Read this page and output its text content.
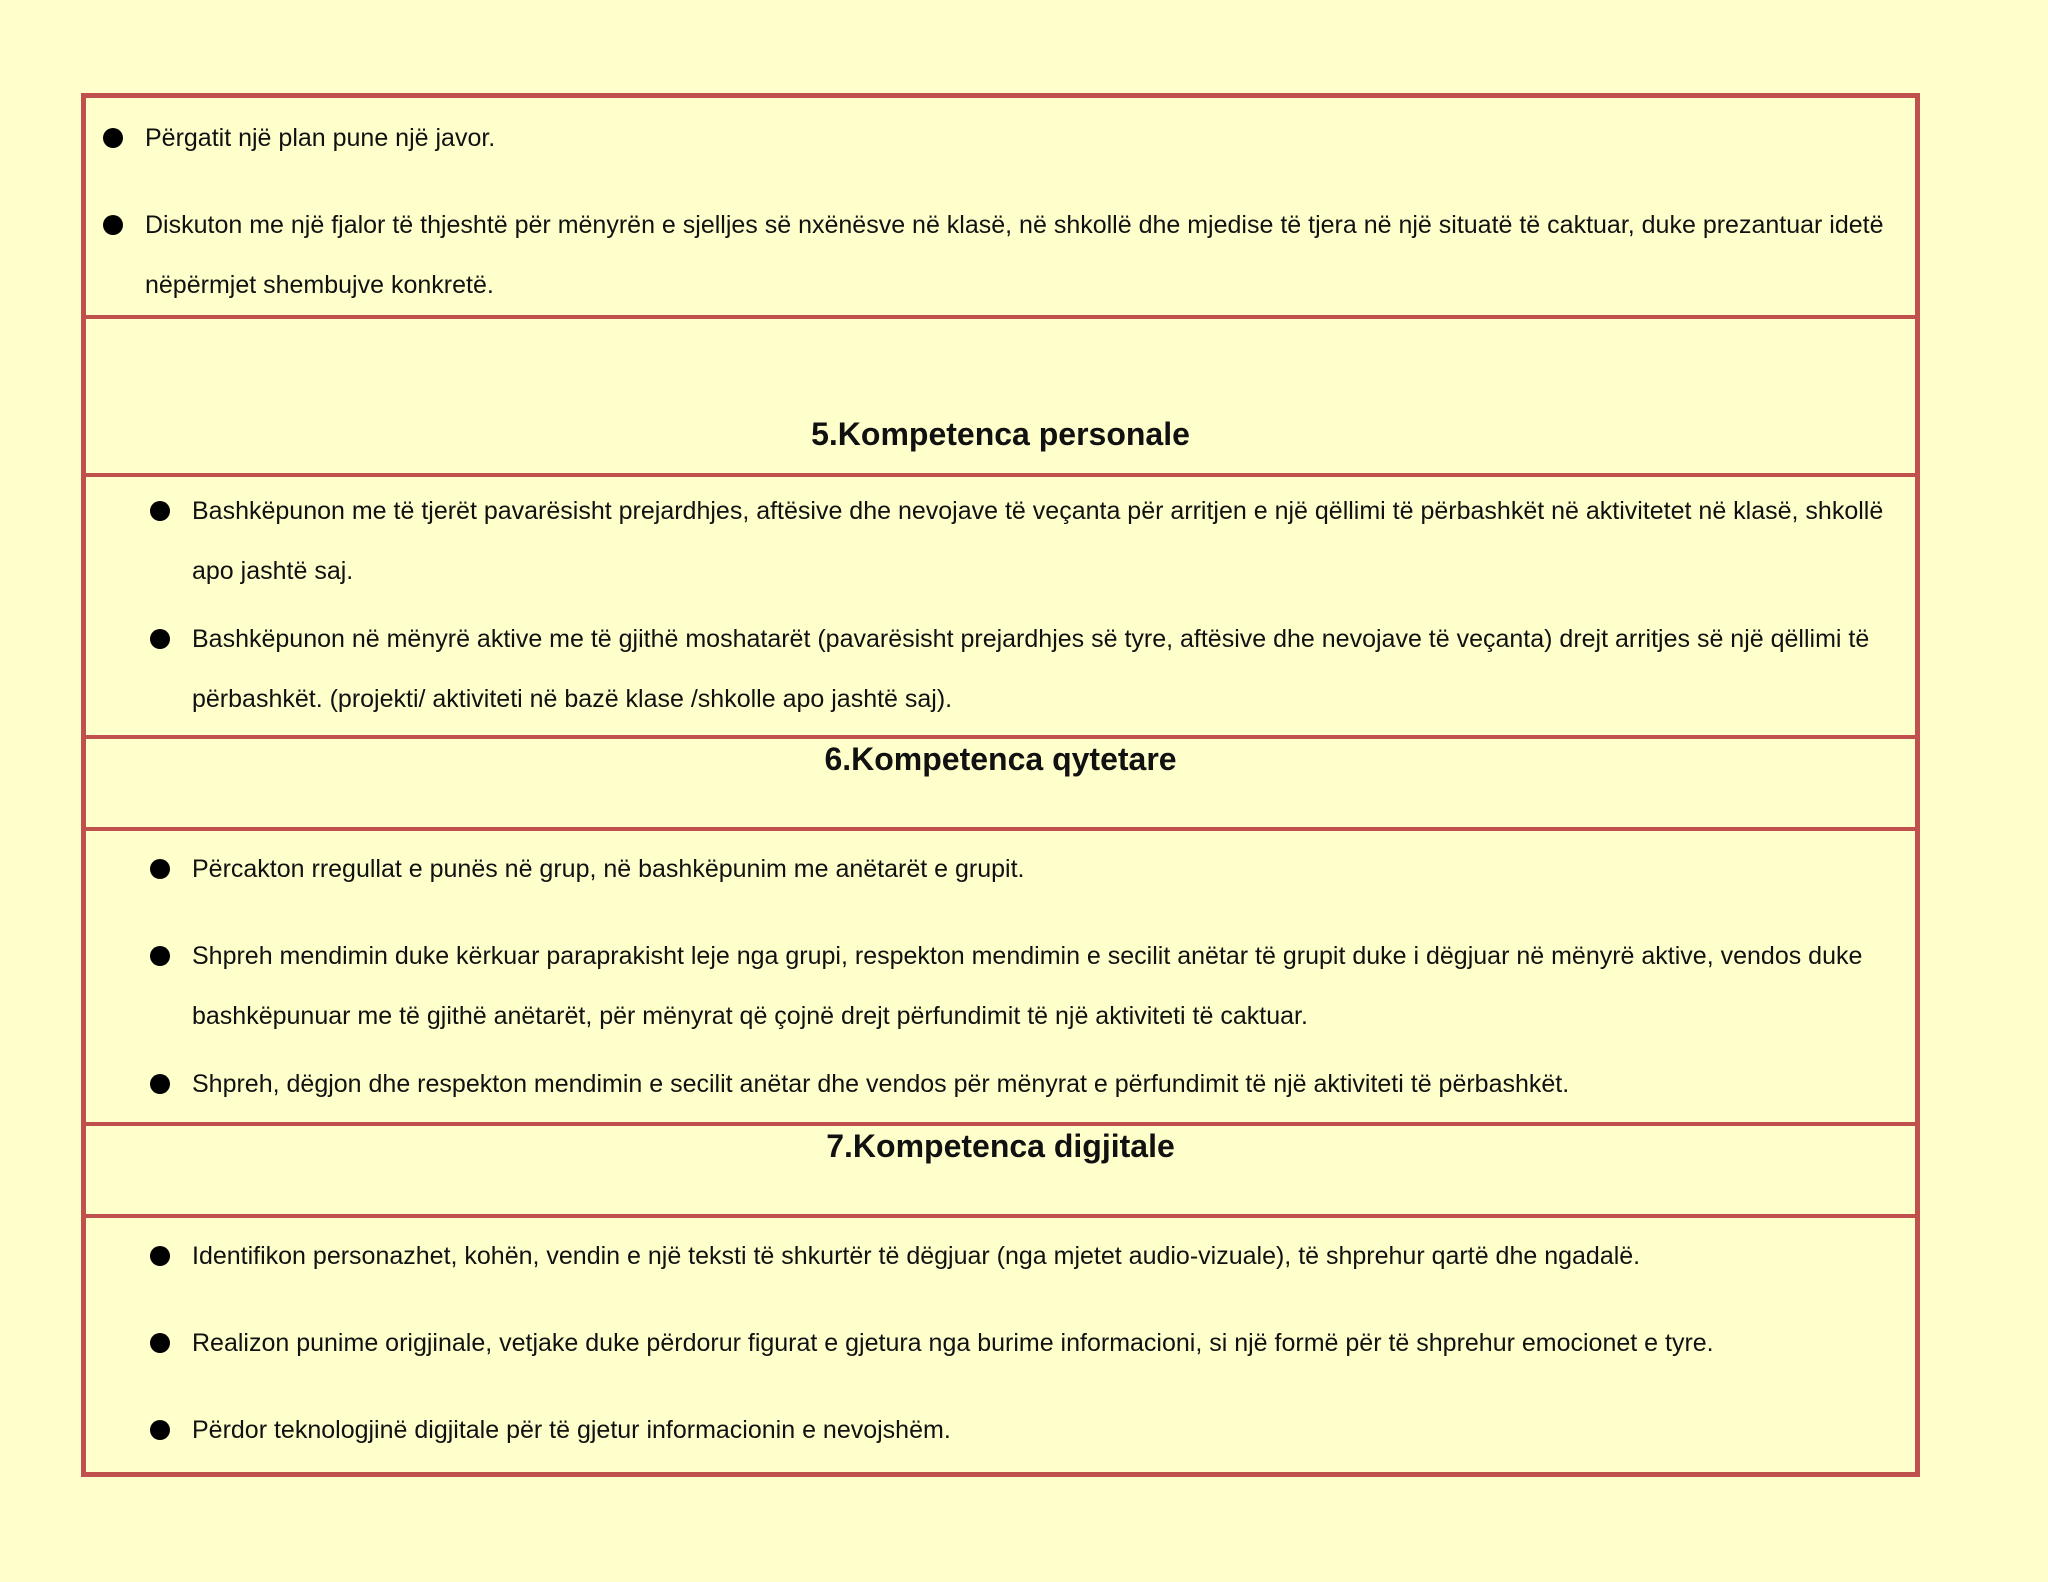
Përgatit një plan pune një javor.
Diskuton me një fjalor të thjeshtë për mënyrën e sjelljes së nxënësve në klasë, në shkollë dhe mjedise të tjera në një situatë të caktuar, duke prezantuar idetë nëpërmjet shembujve konkretë.
5.Kompetenca personale
Bashkëpunon me të tjerët pavarësisht prejardhjes, aftësive dhe nevojave të veçanta për arritjen e një qëllimi të përbashkët në aktivitetet në klasë, shkollë apo jashtë saj.
Bashkëpunon në mënyrë aktive me të gjithë moshatarët (pavarësisht prejardhjes së tyre, aftësive dhe nevojave të veçanta) drejt arritjes së një qëllimi të përbashkët. (projekti/ aktiviteti në bazë klase /shkolle apo jashtë saj).
6.Kompetenca qytetare
Përcakton rregullat e punës në grup, në bashkëpunim me anëtarët e grupit.
Shpreh mendimin duke kërkuar paraprakisht leje nga grupi, respekton mendimin e secilit anëtar të grupit duke i dëgjuar në mënyrë aktive, vendos duke bashkëpunuar me të gjithë anëtarët, për mënyrat që çojnë drejt përfundimit të një aktiviteti të caktuar.
Shpreh, dëgjon dhe respekton mendimin e secilit anëtar dhe vendos për mënyrat e përfundimit të një aktiviteti të përbashkët.
7.Kompetenca digjitale
Identifikon personazhet, kohën, vendin e një teksti të shkurtër të dëgjuar (nga mjetet audio-vizuale), të shprehur qartë dhe ngadalë.
Realizon punime origjinale, vetjake duke përdorur figurat e gjetura nga burime informacioni, si një formë për të shprehur emocionet e tyre.
Përdor teknologjinë digjitale për të gjetur informacionin e nevojshëm.
